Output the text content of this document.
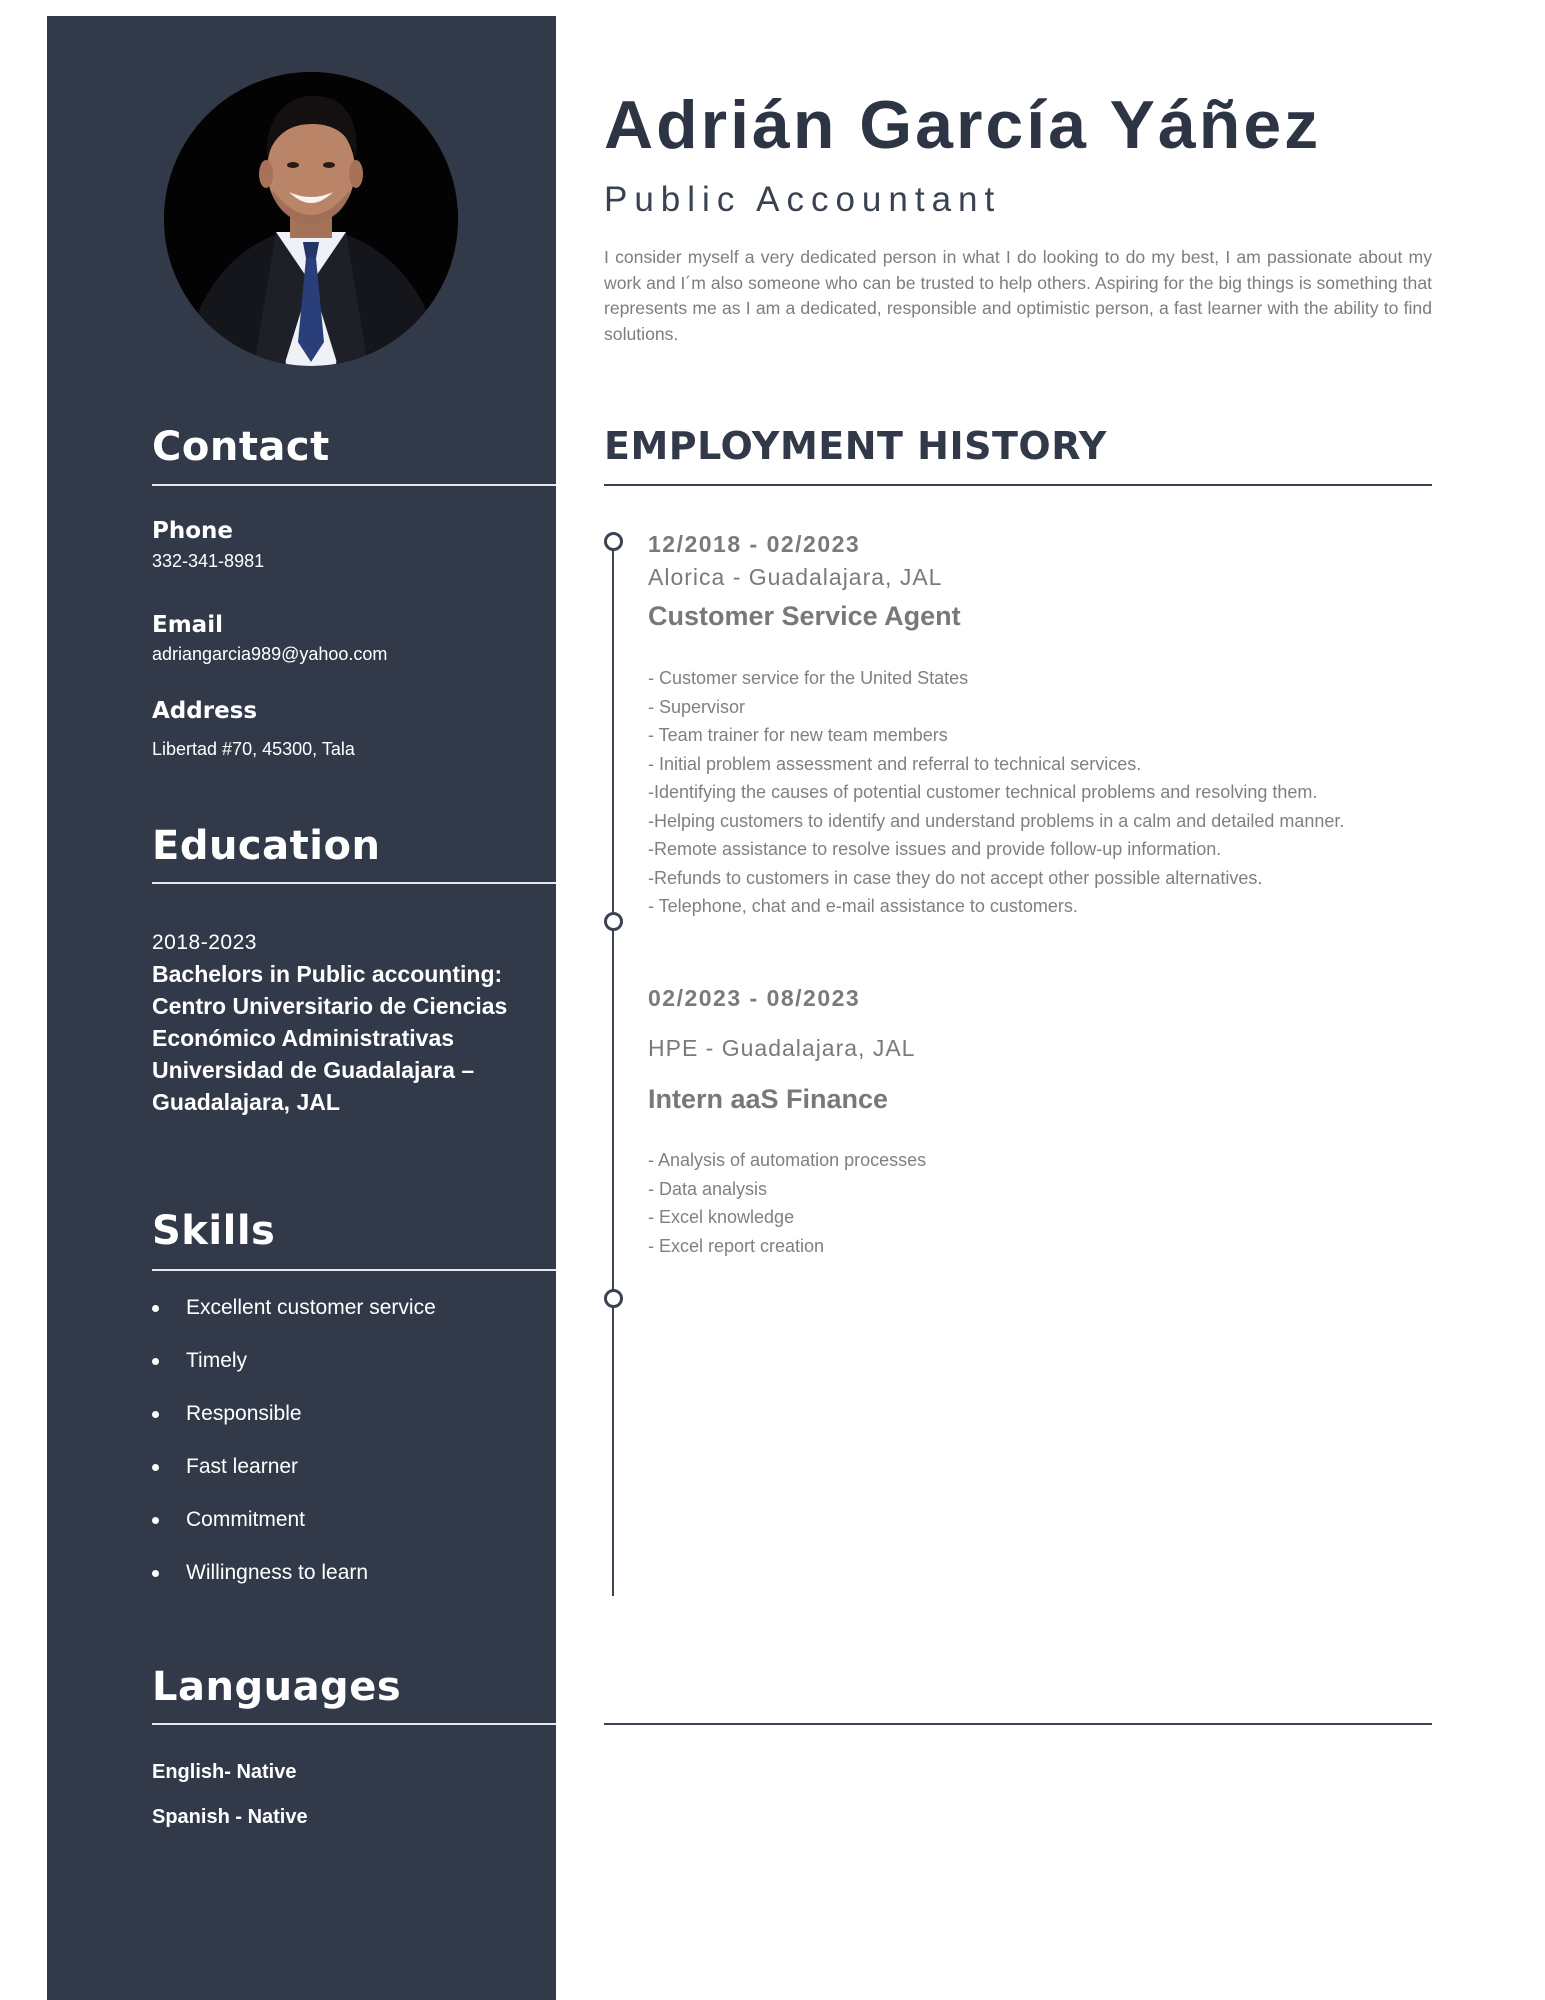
Contact
Phone
332-341-8981
Email
adriangarcia989@yahoo.com
Address
Libertad #70, 45300, Tala
Education
2018-2023
Bachelors in Public accounting: Centro Universitario de Ciencias Económico Administrativas Universidad de Guadalajara – Guadalajara, JAL
Skills
Excellent customer service
Timely
Responsible
Fast learner
Commitment
Willingness to learn
Languages
English- Native
Spanish - Native
Adrián García Yáñez
Public Accountant

I consider myself a very dedicated person in what I do looking to do my best, I am passionate about my work and I´m also someone who can be trusted to help others. Aspiring for the big things is something that represents me as I am a dedicated, responsible and optimistic person, a fast learner with the ability to find solutions.

EMPLOYMENT HISTORY
12/2018 - 02/2023
Alorica - Guadalajara, JAL
Customer Service Agent
- Customer service for the United States
- Supervisor
- Team trainer for new team members
- Initial problem assessment and referral to technical services.
-Identifying the causes of potential customer technical problems and resolving them.
-Helping customers to identify and understand problems in a calm and detailed manner.
-Remote assistance to resolve issues and provide follow-up information.
-Refunds to customers in case they do not accept other possible alternatives.
- Telephone, chat and e-mail assistance to customers.
02/2023 - 08/2023
HPE - Guadalajara, JAL
Intern aaS Finance
- Analysis of automation processes
- Data analysis
- Excel knowledge
- Excel report creation
